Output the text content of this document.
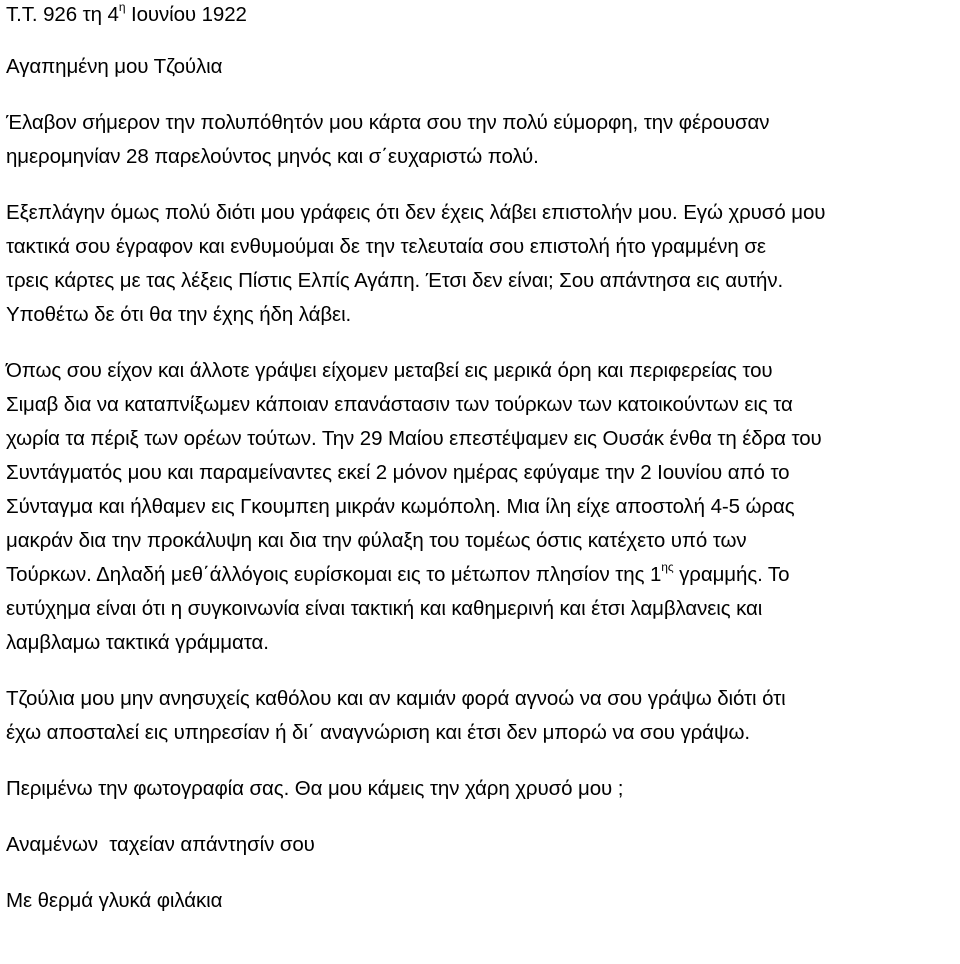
Τ.Τ. 926 τη $4^\eta$ Ιουνίου 1922

Αγαπημένη μου Τζούλια

Έλαβον σήμερον την πολυπόθητόν μου κάρτα σου την πολύ εύμορφη, την φέρουσαν

ημερομηνίαν 28 παρελούντος μηνός και σ΄ευχαριστώ πολύ.

Εξεπλάγην όμως πολύ διότι μου γράφεις ότι δεν έχεις λάβει επιστολήν μου. Εγώ χρυσό μου

τακτικά σου έγραφον και ενθυμούμαι δε την τελευταία σου επιστολή ήτο γραμμένη σε

τρεις κάρτες με τας λέξεις Πίστις Ελπίς Αγάπη. Έτσι δεν είναι; Σου απάντησα εις αυτήν.

Υποθέτω δε ότι θα την έχης ήδη λάβει.

Όπως σου είχον και άλλοτε γράψει είχομεν μεταβεί εις μερικά όρη και περιφερείας του

Σιμαβ δια να καταπνίξωμεν κάποιαν επανάστασιν των τούρκων των κατοικούντων εις τα

χωρία τα πέριξ των ορέων τούτων. Την 29 Μαίου επεστέψαμεν εις Ουσάκ ένθα τη έδρα του

Συντάγματός μου και παραμείναντες εκεί 2 μόνον ημέρας εφύγαμε την 2 Ιουνίου από το

Σύνταγμα και ήλθαμεν εις Γκουμπεη μικράν κωμόπολη. Μια ίλη είχε αποστολή 4-5 ώρας

μακράν δια την προκάλυψη και δια την φύλαξη του τομέως όστις κατέχετο υπό των

Τούρκων. Δηλαδή μεθ΄άλλόγοις ευρίσκομαι εις το μέτωπον πλησίον της $1^{\eta\varsigma}$ γραμμής. Το

ευτύχημα είναι ότι η συγκοινωνία είναι τακτική και καθημερινή και έτσι λαμβλανεις και

λαμβλαμω τακτικά γράμματα.

Τζούλια μου μην ανησυχείς καθόλου και αν καμιάν φορά αγνοώ να σου γράψω διότι ότι

έχω αποσταλεί εις υπηρεσίαν ή δι΄ αναγνώριση και έτσι δεν μπορώ να σου γράψω.

Περιμένω την φωτογραφία σας. Θα μου κάμεις την χάρη χρυσό μου ;

Αναμένων  ταχείαν απάντησίν σου

Με θερμά γλυκά φιλάκια
